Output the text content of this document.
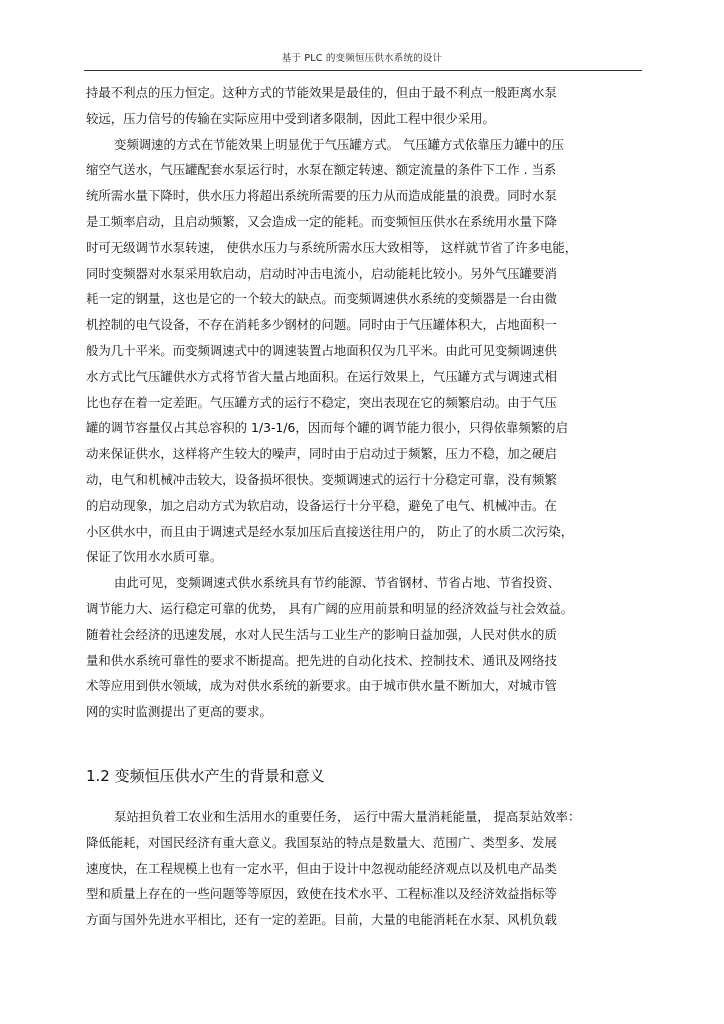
基于 PLC 的变频恒压供水系统的设计
持最不利点的压力恒定。这种方式的节能效果是最佳的，但由于最不利点一般距离水泵
较远，压力信号的传输在实际应用中受到诸多限制，因此工程中很少采用。
变频调速的方式在节能效果上明显优于气压罐方式。 气压罐方式依靠压力罐中的压
缩空气送水，气压罐配套水泵运行时，水泵在额定转速、额定流量的条件下工作 . 当系
统所需水量下降时，供水压力将超出系统所需要的压力从而造成能量的浪费。同时水泵
是工频率启动，且启动频繁，又会造成一定的能耗。而变频恒压供水在系统用水量下降
时可无级调节水泵转速， 使供水压力与系统所需水压大致相等， 这样就节省了许多电能，
同时变频器对水泵采用软启动，启动时冲击电流小，启动能耗比较小。另外气压罐要消
耗一定的钢量，这也是它的一个较大的缺点。而变频调速供水系统的变频器是一台由微
机控制的电气设备，不存在消耗多少钢材的问题。同时由于气压罐体积大，占地面积一
般为几十平米。而变频调速式中的调速装置占地面积仅为几平米。由此可见变频调速供
水方式比气压罐供水方式将节省大量占地面积。在运行效果上，气压罐方式与调速式相
比也存在着一定差距。气压罐方式的运行不稳定，突出表现在它的频繁启动。由于气压
罐的调节容量仅占其总容积的 1/3-1/6，因而每个罐的调节能力很小，只得依靠频繁的启
动来保证供水，这样将产生较大的噪声，同时由于启动过于频繁，压力不稳，加之硬启
动，电气和机械冲击较大，设备损坏很快。变频调速式的运行十分稳定可靠，没有频繁
的启动现象，加之启动方式为软启动，设备运行十分平稳，避免了电气、机械冲击。在
小区供水中，而且由于调速式是经水泵加压后直接送往用户的， 防止了的水质二次污染，
保证了饮用水水质可靠。
由此可见，变频调速式供水系统具有节约能源、节省钢材、节省占地、节省投资、
调节能力大、运行稳定可靠的优势， 具有广阔的应用前景和明显的经济效益与社会效益。
随着社会经济的迅速发展，水对人民生活与工业生产的影响日益加强，人民对供水的质
量和供水系统可靠性的要求不断提高。把先进的自动化技术、控制技术、通讯及网络技
术等应用到供水领域，成为对供水系统的新要求。由于城市供水量不断加大，对城市管
网的实时监测提出了更高的要求。
1.2 变频恒压供水产生的背景和意义
泵站担负着工农业和生活用水的重要任务， 运行中需大量消耗能量， 提高泵站效率：
降低能耗，对国民经济有重大意义。我国泵站的特点是数量大、范围广、类型多、发展
速度快，在工程规模上也有一定水平，但由于设计中忽视动能经济观点以及机电产品类
型和质量上存在的一些问题等等原因，致使在技术水平、工程标准以及经济效益指标等
方面与国外先进水平相比，还有一定的差距。目前，大量的电能消耗在水泵、风机负载
